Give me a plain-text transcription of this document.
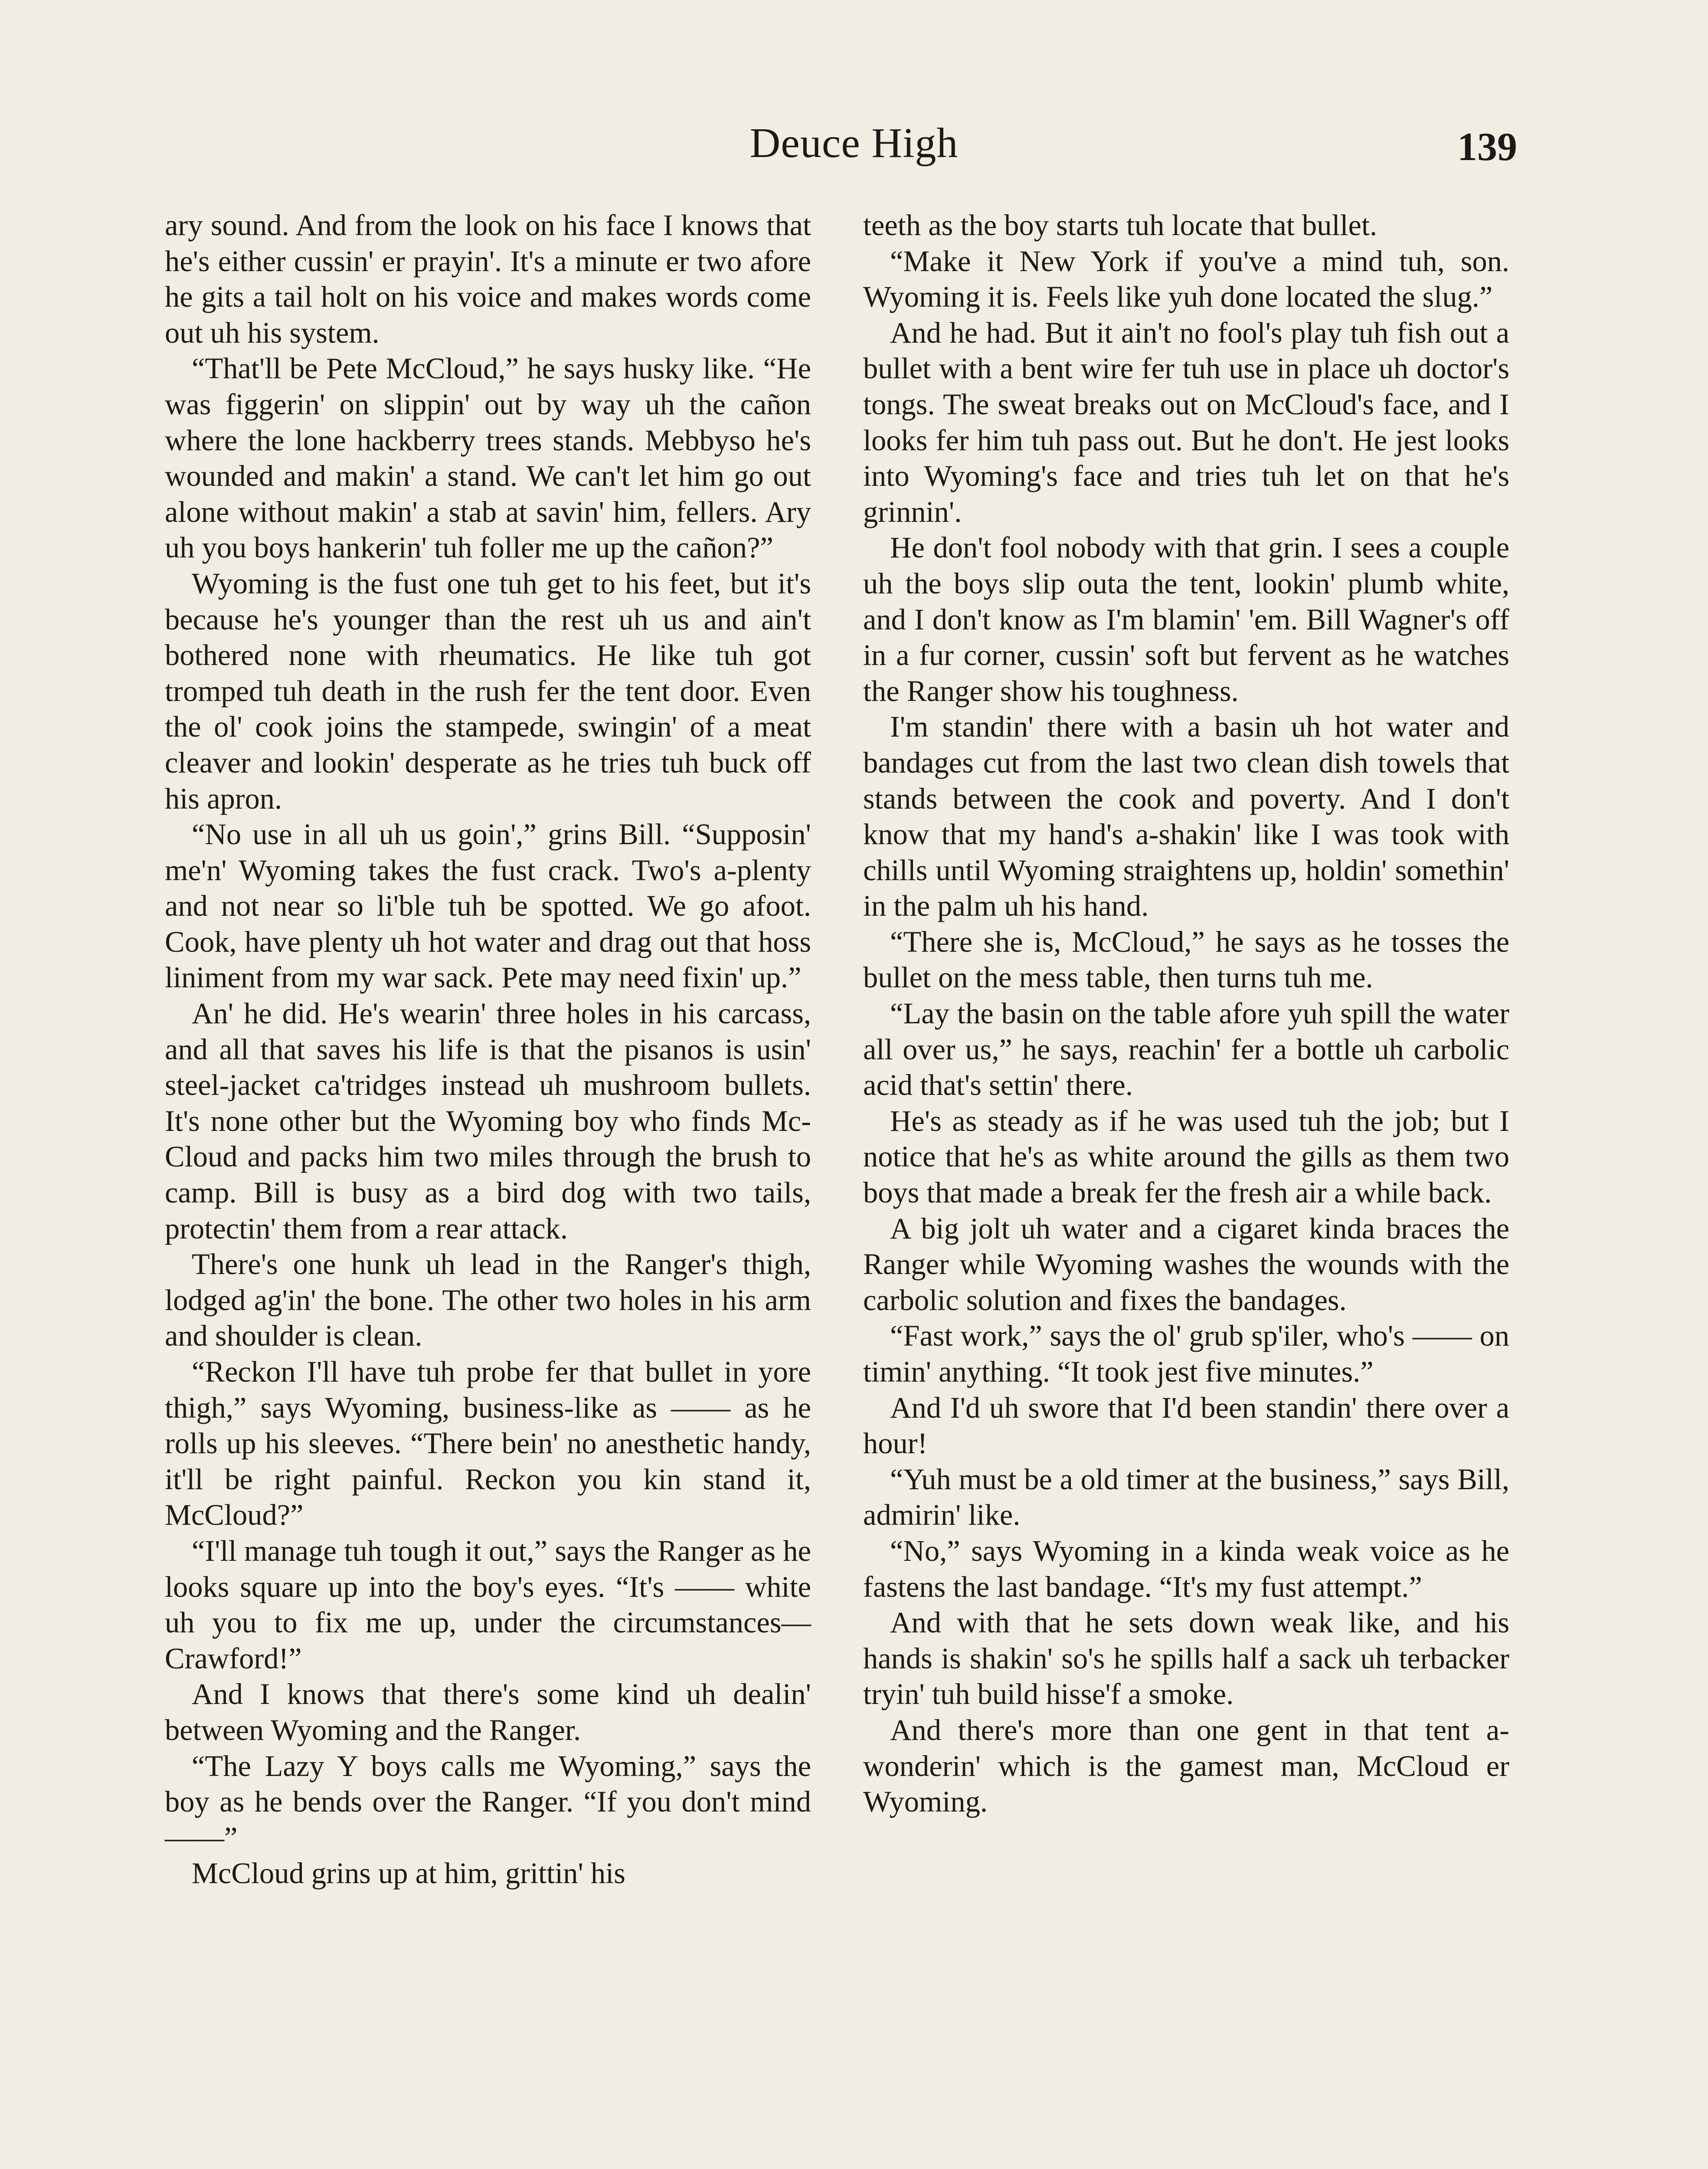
Deuce High	139

ary sound. And from the look on his face I knows that he's either cussin' er prayin'. It's a minute er two afore he gits a tail holt on his voice and makes words come out uh his system.

“That'll be Pete McCloud,” he says husky like. “He was figgerin' on slippin' out by way uh the cañon where the lone hackberry trees stands. Mebbyso he's wounded and makin' a stand. We can't let him go out alone without makin' a stab at savin' him, fellers. Ary uh you boys hankerin' tuh foller me up the cañon?”

Wyoming is the fust one tuh get to his feet, but it's because he's younger than the rest uh us and ain't bothered none with rheumatics. He like tuh got tromped tuh death in the rush fer the tent door. Even the ol' cook joins the stampede, swingin' of a meat cleaver and lookin' desperate as he tries tuh buck off his apron.

“No use in all uh us goin',” grins Bill. “Supposin' me'n' Wyoming takes the fust crack. Two's a-plenty and not near so li'ble tuh be spotted. We go afoot. Cook, have plenty uh hot water and drag out that hoss liniment from my war sack. Pete may need fixin' up.”

An' he did. He's wearin' three holes in his carcass, and all that saves his life is that the pisanos is usin' steel-jacket ca'tridges instead uh mushroom bullets. It's none other but the Wyoming boy who finds Mc-Cloud and packs him two miles through the brush to camp. Bill is busy as a bird dog with two tails, protectin' them from a rear attack.

There's one hunk uh lead in the Ranger's thigh, lodged ag'in' the bone. The other two holes in his arm and shoulder is clean.

“Reckon I'll have tuh probe fer that bullet in yore thigh,” says Wyoming, business-like as —— as he rolls up his sleeves. “There bein' no anesthetic handy, it'll be right painful. Reckon you kin stand it, McCloud?”

“I'll manage tuh tough it out,” says the Ranger as he looks square up into the boy's eyes. “It's —— white uh you to fix me up, under the circumstances—Crawford!”

And I knows that there's some kind uh dealin' between Wyoming and the Ranger.

“The Lazy Y boys calls me Wyoming,” says the boy as he bends over the Ranger. “If you don't mind——”

McCloud grins up at him, grittin' his

teeth as the boy starts tuh locate that bullet.

“Make it New York if you've a mind tuh, son. Wyoming it is. Feels like yuh done located the slug.”

And he had. But it ain't no fool's play tuh fish out a bullet with a bent wire fer tuh use in place uh doctor's tongs. The sweat breaks out on McCloud's face, and I looks fer him tuh pass out. But he don't. He jest looks into Wyoming's face and tries tuh let on that he's grinnin'.

He don't fool nobody with that grin. I sees a couple uh the boys slip outa the tent, lookin' plumb white, and I don't know as I'm blamin' 'em. Bill Wagner's off in a fur corner, cussin' soft but fervent as he watches the Ranger show his toughness.

I'm standin' there with a basin uh hot water and bandages cut from the last two clean dish towels that stands between the cook and poverty. And I don't know that my hand's a-shakin' like I was took with chills until Wyoming straightens up, holdin' somethin' in the palm uh his hand.

“There she is, McCloud,” he says as he tosses the bullet on the mess table, then turns tuh me.

“Lay the basin on the table afore yuh spill the water all over us,” he says, reachin' fer a bottle uh carbolic acid that's settin' there.

He's as steady as if he was used tuh the job; but I notice that he's as white around the gills as them two boys that made a break fer the fresh air a while back.

A big jolt uh water and a cigaret kinda braces the Ranger while Wyoming washes the wounds with the carbolic solution and fixes the bandages.

“Fast work,” says the ol' grub sp'iler, who's —— on timin' anything. “It took jest five minutes.”

And I'd uh swore that I'd been standin' there over a hour!

“Yuh must be a old timer at the business,” says Bill, admirin' like.

“No,” says Wyoming in a kinda weak voice as he fastens the last bandage. “It's my fust attempt.”

And with that he sets down weak like, and his hands is shakin' so's he spills half a sack uh terbacker tryin' tuh build hisse'f a smoke.

And there's more than one gent in that tent a-wonderin' which is the gamest man, McCloud er Wyoming.
